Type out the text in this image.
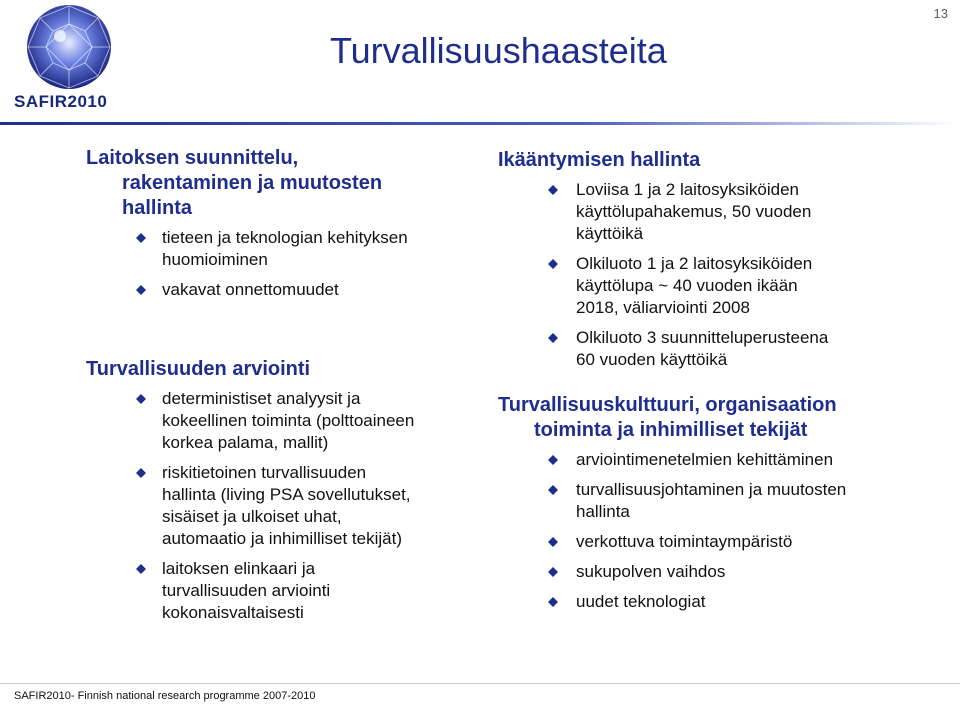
13
SAFIR2010
Turvallisuushaasteita
Laitoksen suunnittelu,
rakentaminen ja muutosten
hallinta
tieteen ja teknologian kehityksen
huomioiminen
vakavat onnettomuudet
Turvallisuuden arviointi
deterministiset analyysit ja
kokeellinen toiminta (polttoaineen
korkea palama, mallit)
riskitietoinen turvallisuuden
hallinta (living PSA sovellutukset,
sisäiset ja ulkoiset uhat,
automaatio ja inhimilliset tekijät)
laitoksen elinkaari ja
turvallisuuden arviointi
kokonaisvaltaisesti
Ikääntymisen hallinta
Loviisa 1 ja 2 laitosyksiköiden
käyttölupahakemus, 50 vuoden
käyttöikä
Olkiluoto 1 ja 2 laitosyksiköiden
käyttölupa ~ 40 vuoden ikään
2018, väliarviointi 2008
Olkiluoto 3 suunnitteluperusteena
60 vuoden käyttöikä
Turvallisuuskulttuuri, organisaation
toiminta ja inhimilliset tekijät
arviointimenetelmien kehittäminen
turvallisuusjohtaminen ja muutosten
hallinta
verkottuva toimintaympäristö
sukupolven vaihdos
uudet teknologiat
SAFIR2010- Finnish national research programme 2007-2010
